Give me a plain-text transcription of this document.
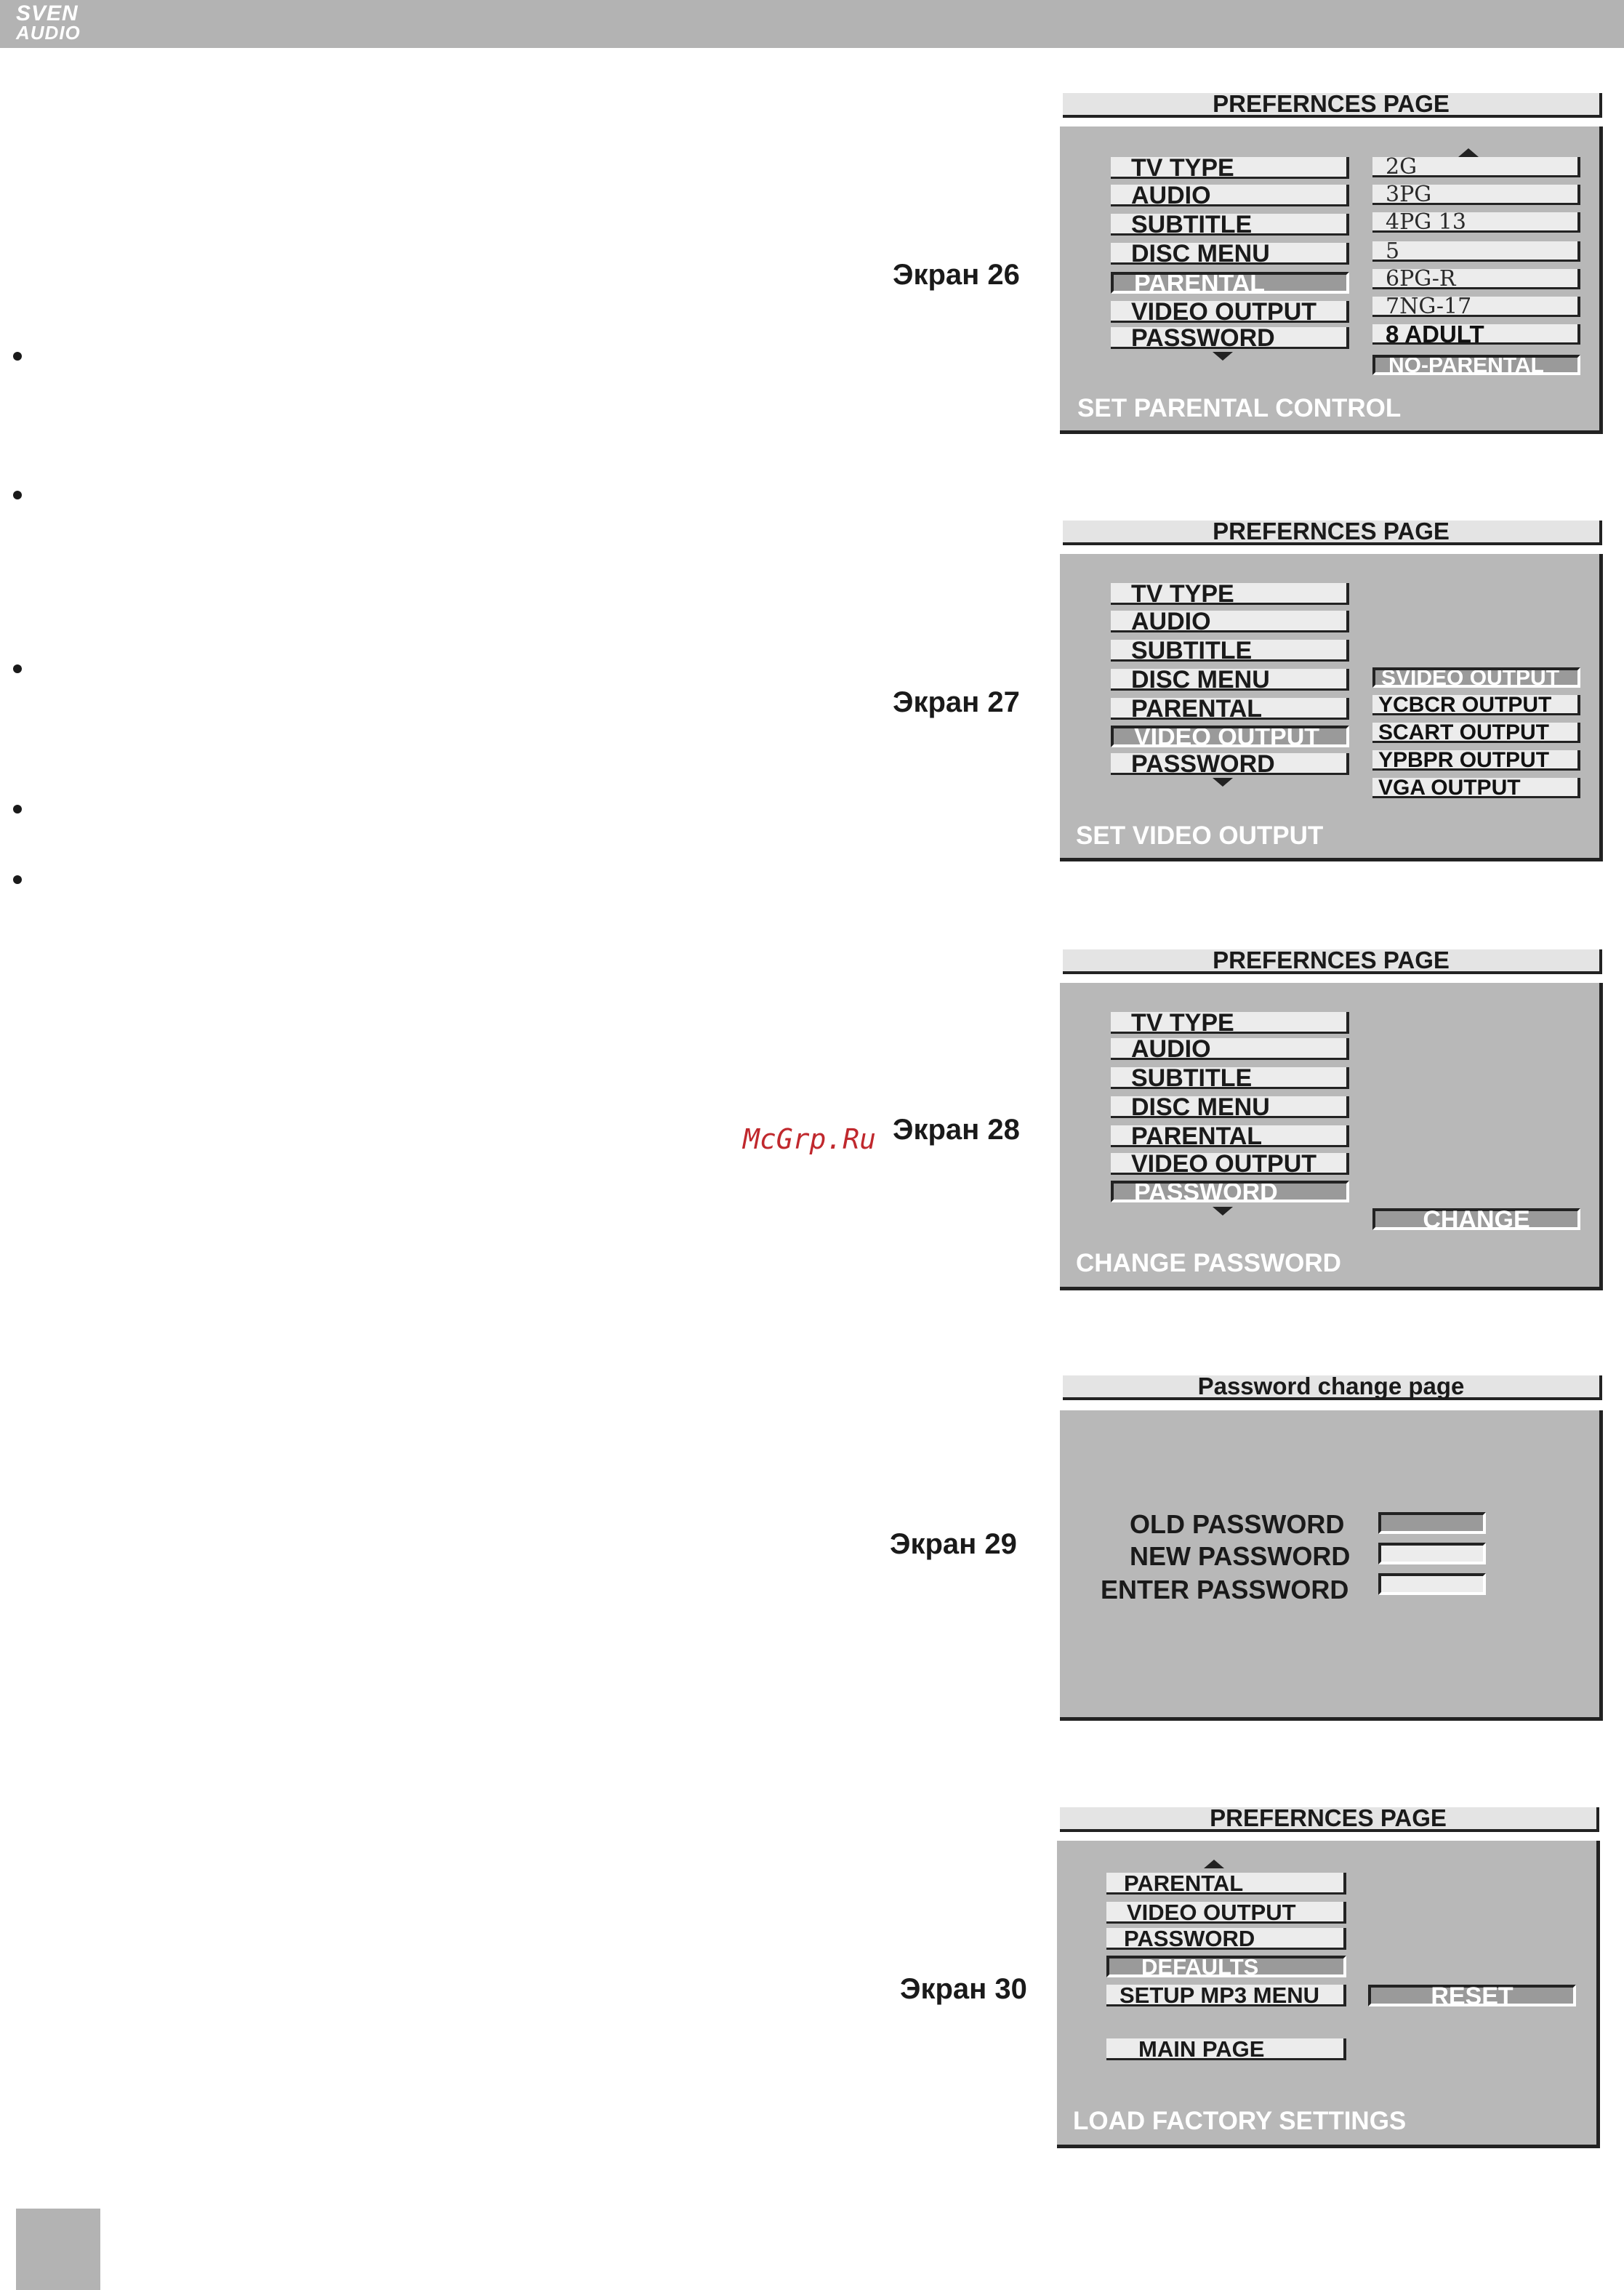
SVEN
AUDIO
McGrp.Ru
Экран 26
PREFERNCES PAGE
TV TYPE
AUDIO
SUBTITLE
DISC MENU
PARENTAL
VIDEO OUTPUT
PASSWORD
2G
3PG
4PG 13
5
6PG-R
7NG-17
8 ADULT
NO-PARENTAL
SET PARENTAL CONTROL
Экран 27
PREFERNCES PAGE
TV TYPE
AUDIO
SUBTITLE
DISC MENU
PARENTAL
VIDEO OUTPUT
PASSWORD
SVIDEO OUTPUT
YCBCR OUTPUT
SCART OUTPUT
YPBPR OUTPUT
VGA OUTPUT
SET VIDEO OUTPUT
Экран 28
PREFERNCES PAGE
TV TYPE
AUDIO
SUBTITLE
DISC MENU
PARENTAL
VIDEO OUTPUT
PASSWORD
CHANGE
CHANGE PASSWORD
Экран 29
Password change page
OLD PASSWORD
NEW PASSWORD
ENTER PASSWORD
Экран 30
PREFERNCES PAGE
PARENTAL
VIDEO OUTPUT
PASSWORD
DEFAULTS
SETUP MP3 MENU
MAIN PAGE
RESET
LOAD FACTORY SETTINGS
